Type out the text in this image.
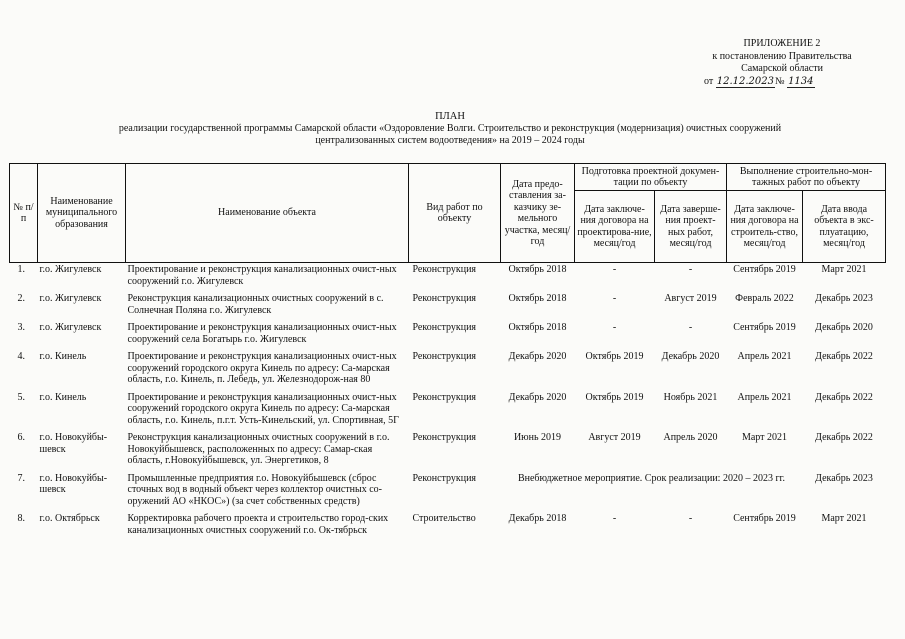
ПРИЛОЖЕНИЕ 2
к постановлению Правительства
Самарской области
от 12.12.2023№ 1134
ПЛАН
реализации государственной программы Самарской области «Оздоровление Волги. Строительство и реконструкция (модернизация) очистных сооружений централизованных систем водоотведения» на 2019 – 2024 годы
№ п/п	Наименование муниципального образования	Наименование объекта	Вид работ по объекту	Дата предо-ставления за-казчику зе-мельного участка, месяц/год	Подготовка проектной докумен-тации по объекту		Выполнение строительно-мон-тажных работ по объекту	
					Дата заключе-ния договора на проектирова-ние, месяц/год	Дата заверше-ния проект-ных работ, месяц/год	Дата заключе-ния договора на строитель-ство, месяц/год	Дата ввода объекта в экс-плуатацию, месяц/год
1.	г.о. Жигулевск	Проектирование и реконструкция канализационных очист-ных сооружений г.о. Жигулевск	Реконструкция	Октябрь 2018	-	-	Сентябрь 2019	Март 2021
2.	г.о. Жигулевск	Реконструкция канализационных очистных сооружений в с. Солнечная Поляна г.о. Жигулевск	Реконструкция	Октябрь 2018	-	Август 2019	Февраль 2022	Декабрь 2023
3.	г.о. Жигулевск	Проектирование и реконструкция канализационных очист-ных сооружений села Богатырь г.о. Жигулевск	Реконструкция	Октябрь 2018	-	-	Сентябрь 2019	Декабрь 2020
4.	г.о. Кинель	Проектирование и реконструкция канализационных очист-ных сооружений городского округа Кинель по адресу: Са-марская область, г.о. Кинель, п. Лебедь, ул. Железнодорож-ная 80	Реконструкция	Декабрь 2020	Октябрь 2019	Декабрь 2020	Апрель 2021	Декабрь 2022
5.	г.о. Кинель	Проектирование и реконструкция канализационных очист-ных сооружений городского округа Кинель по адресу: Са-марская область, г.о. Кинель, п.г.т. Усть-Кинельский, ул. Спортивная, 5Г	Реконструкция	Декабрь 2020	Октябрь 2019	Ноябрь 2021	Апрель 2021	Декабрь 2022
6.	г.о. Новокуйбы-шевск	Реконструкция канализационных очистных сооружений в г.о. Новокуйбышевск, расположенных по адресу: Самар-ская область, г.Новокуйбышевск, ул. Энергетиков, 8	Реконструкция	Июнь 2019	Август 2019	Апрель 2020	Март 2021	Декабрь 2022
7.	г.о. Новокуйбы-шевск	Промышленные предприятия г.о. Новокуйбышевск (сброс сточных вод в водный объект через коллектор очистных со-оружений АО «НКОС») (за счет собственных средств)	Реконструкция	Внебюджетное мероприятие. Срок реализации: 2020 – 2023 гг.				Декабрь 2023
8.	г.о. Октябрьск	Корректировка рабочего проекта и строительство город-ских канализационных очистных сооружений г.о. Ок-тябрьск	Строительство	Декабрь 2018	-	-	Сентябрь 2019	Март 2021
